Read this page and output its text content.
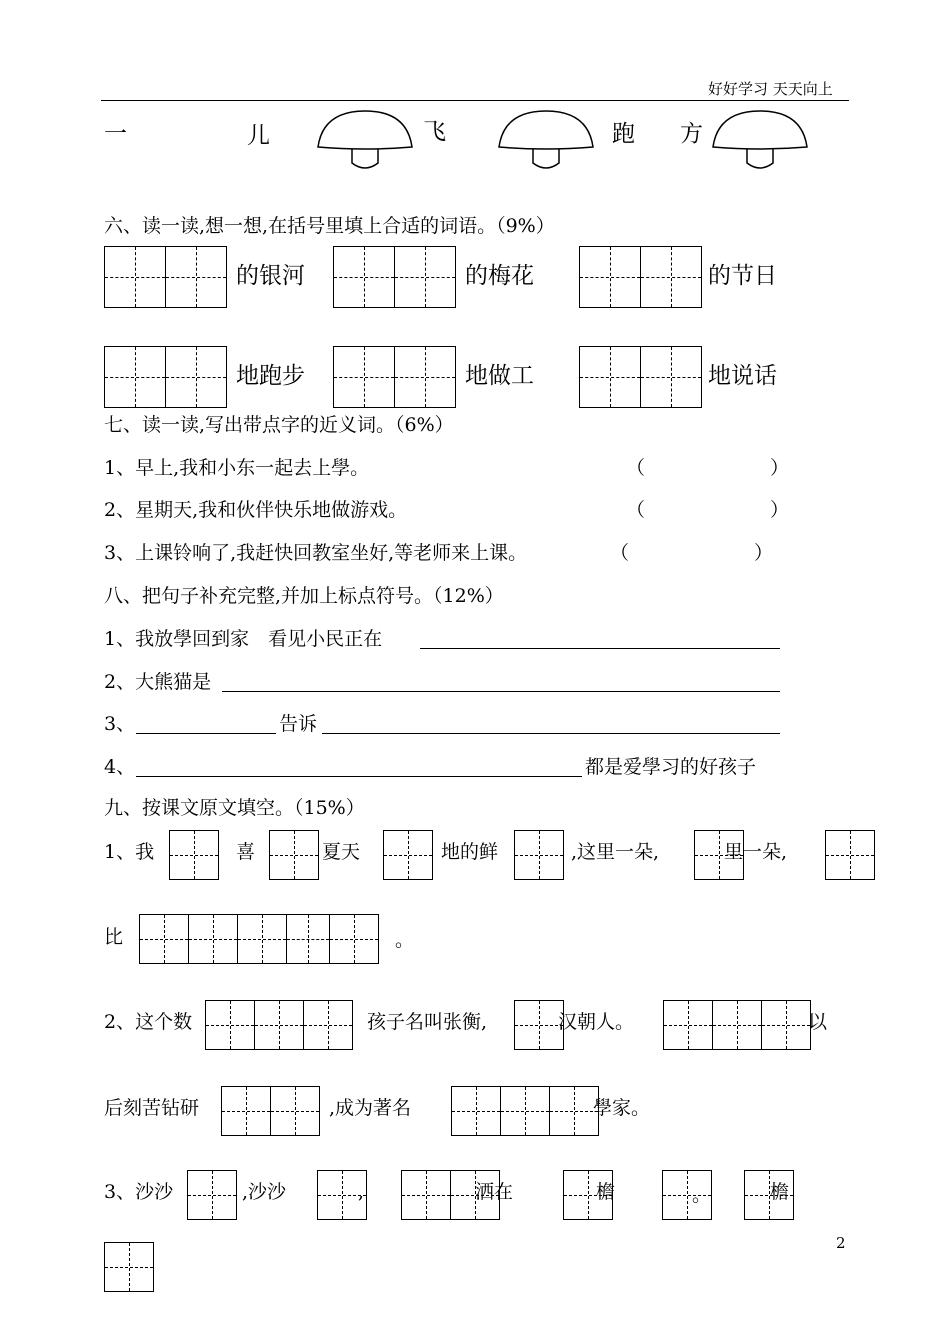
好好学习 天天向上
一	儿	飞	跑 方
六、读一读,想一想,在括号里填上合适的词语。（9%）
的银河	的梅花	的节日
地跑步	地做工	地说话
七、读一读,写出带点字的近义词。（6%）
1、早上,我和小东一起去上學。	（	）
2、星期天,我和伙伴快乐地做游戏。	（	）
3、上课铃响了,我赶快回教室坐好,等老师来上课。	（	）
八、把句子补充完整,并加上标点符号。（12%）
1、我放學回到家　看见小民正在
2、大熊猫是
3、	告诉
4、	都是爱學习的好孩子
九、按课文原文填空。（15%）
1、我	喜	夏天	地的鲜	,这里一朵,	里一朵,
比	。
2、这个数	孩子名叫张衡,	汉朝人。	以
后刻苦钻研	,成为著名	學家。
3、沙沙	,沙沙	,	洒在	檐	。	檐
2
